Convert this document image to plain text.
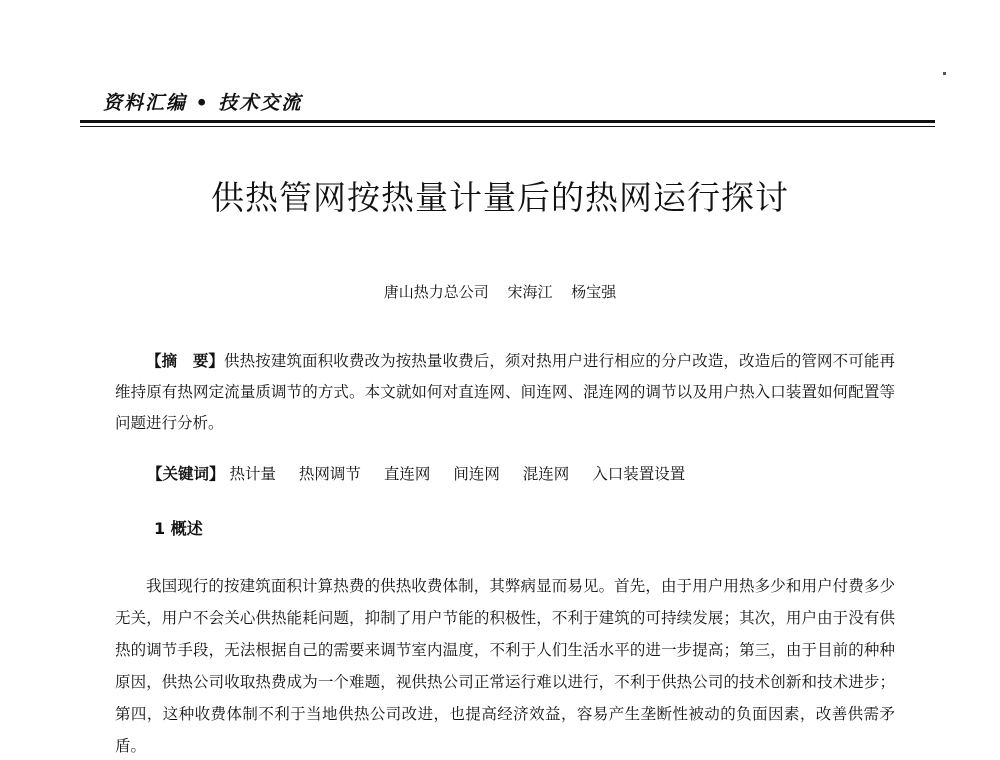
资料汇编 • 技术交流
供热管网按热量计量后的热网运行探讨
唐山热力总公司 宋海江 杨宝强
【摘　要】供热按建筑面积收费改为按热量收费后，须对热用户进行相应的分户改造，改造后的管网不可能再维持原有热网定流量质调节的方式。本文就如何对直连网、间连网、混连网的调节以及用户热入口装置如何配置等问题进行分析。
【关键词】 热计量 热网调节 直连网 间连网 混连网 入口装置设置
1 概述
我国现行的按建筑面积计算热费的供热收费体制，其弊病显而易见。首先，由于用户用热多少和用户付费多少无关，用户不会关心供热能耗问题，抑制了用户节能的积极性，不利于建筑的可持续发展；其次，用户由于没有供热的调节手段，无法根据自己的需要来调节室内温度，不利于人们生活水平的进一步提高；第三，由于目前的种种原因，供热公司收取热费成为一个难题，视供热公司正常运行难以进行，不利于供热公司的技术创新和技术进步；第四，这种收费体制不利于当地供热公司改进，也提高经济效益，容易产生垄断性被动的负面因素，改善供需矛盾。
